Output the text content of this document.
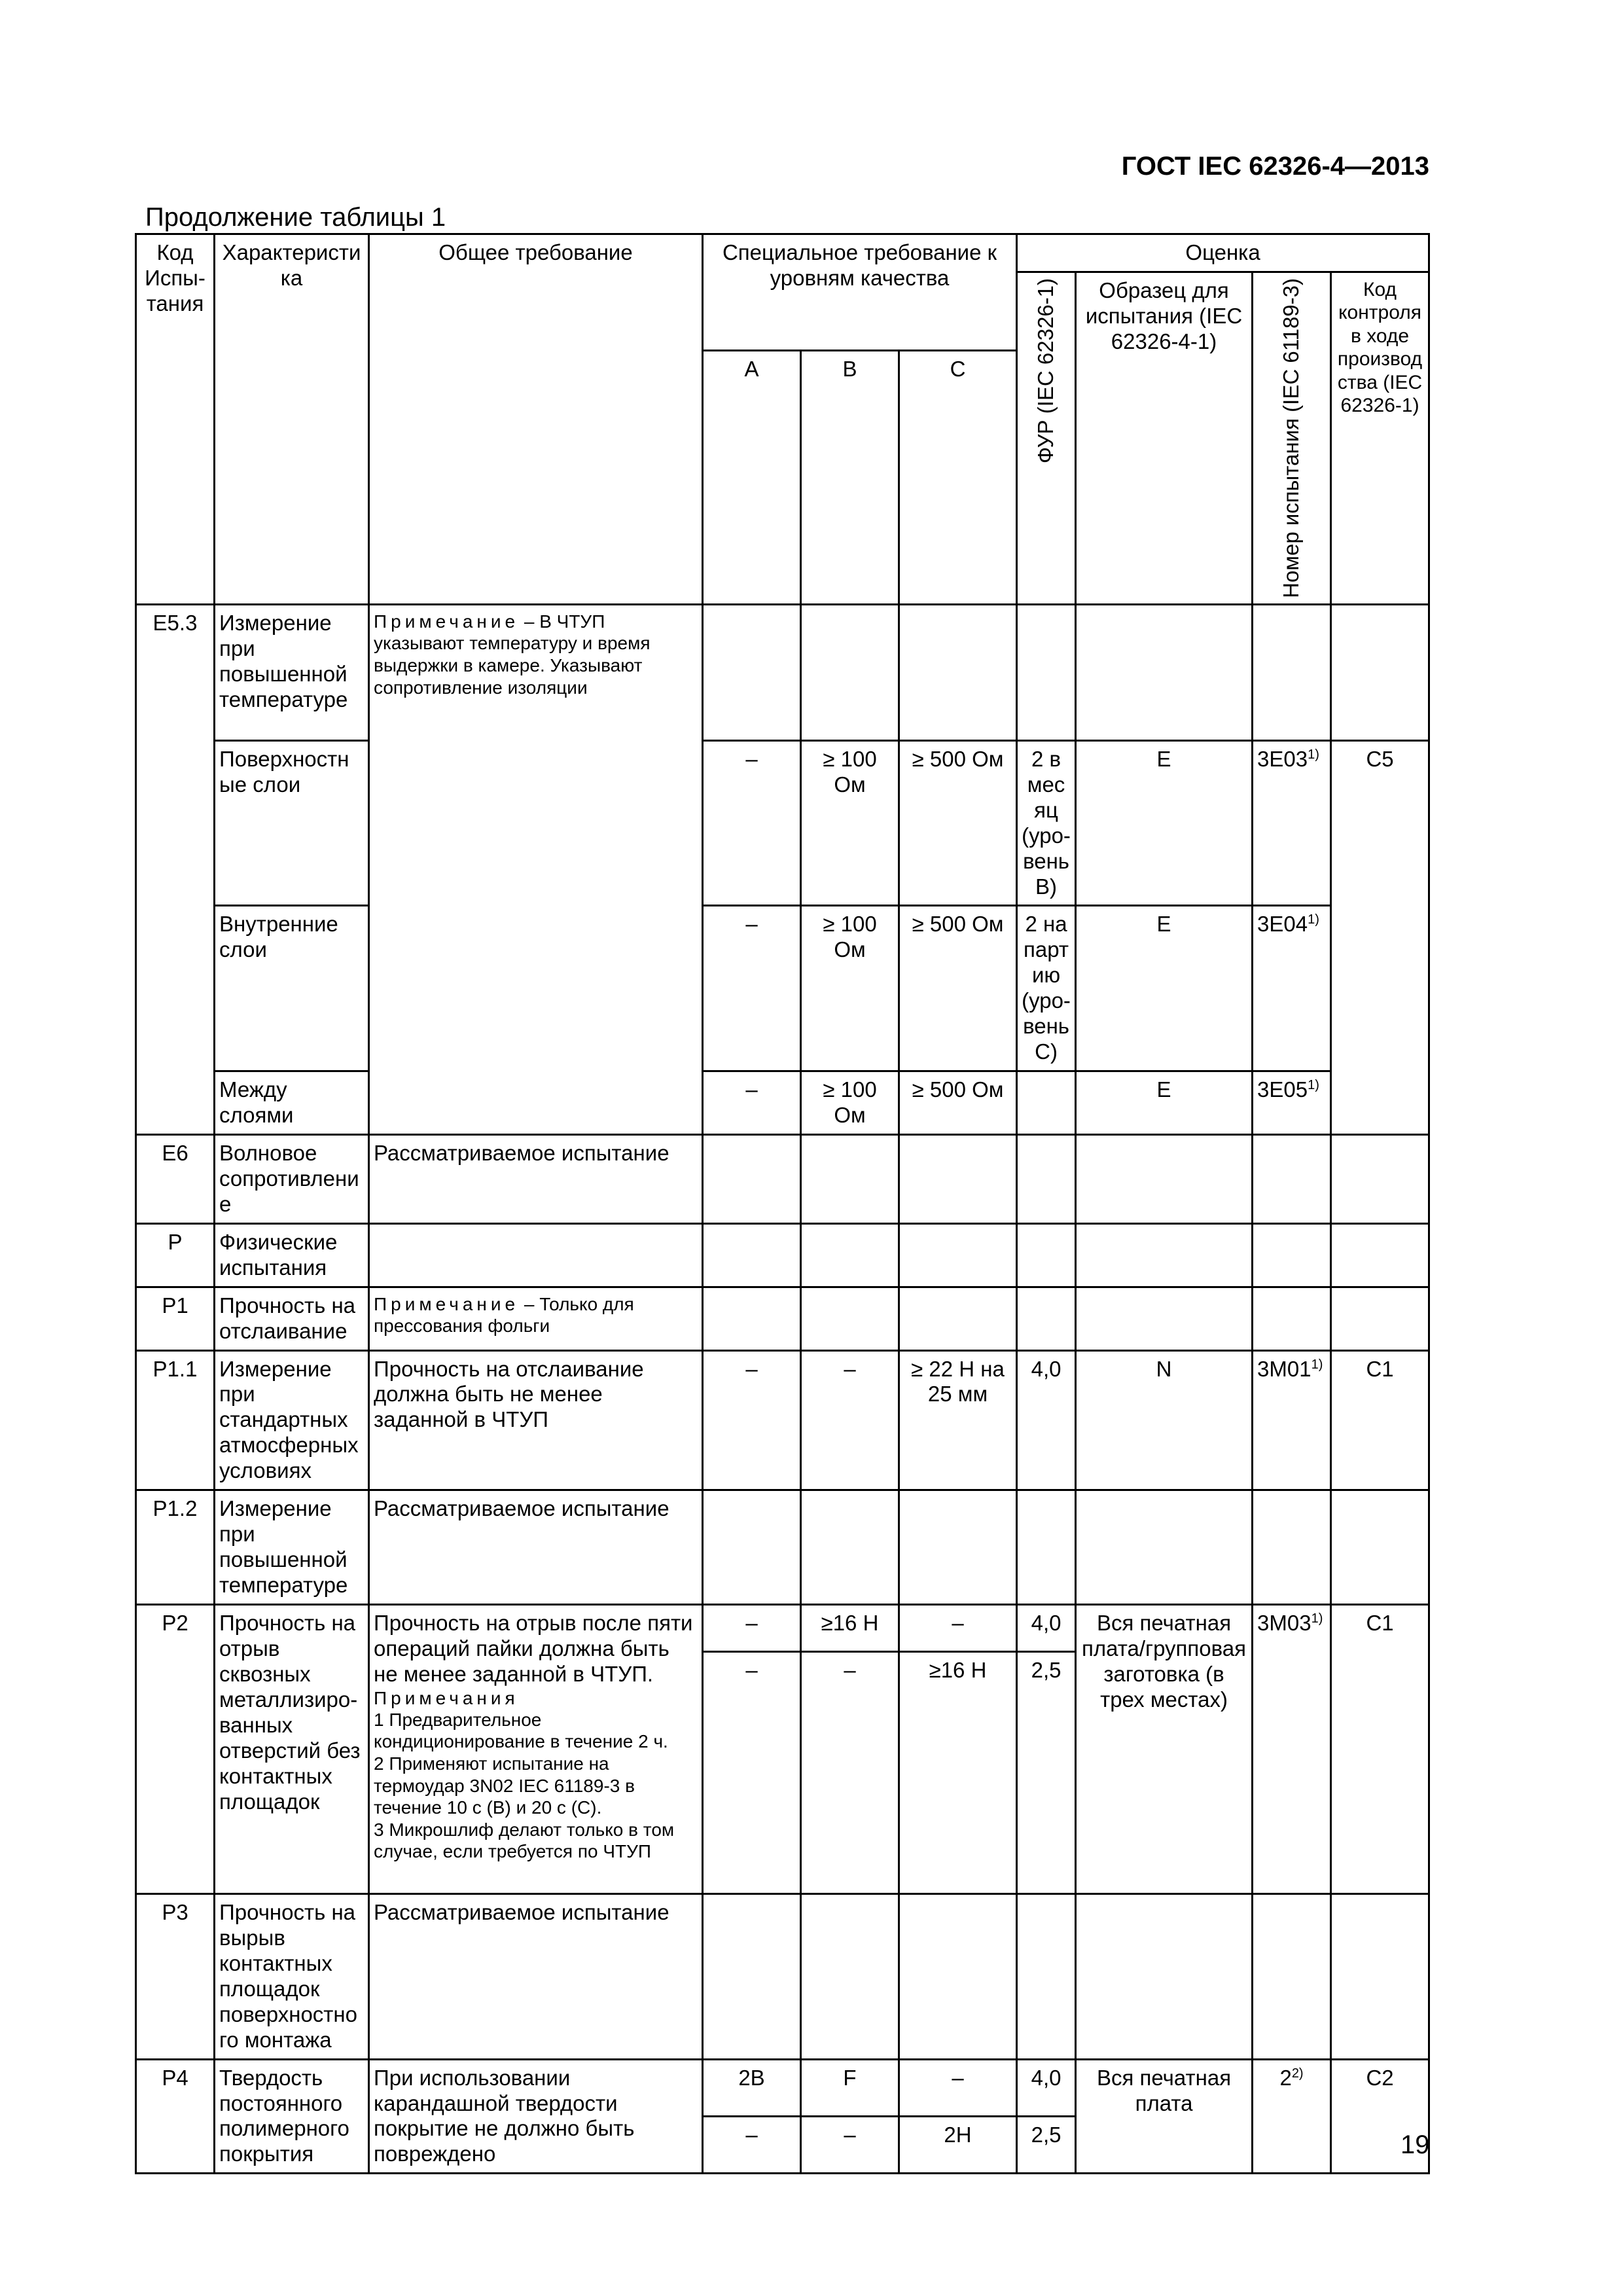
ГОСТ IEC 62326-4—2013
Продолжение таблицы 1
Код Испы-тания	Характеристика	Общее требование	Специальное требование к уровням качества			Оценка			

						ФУР (IEC 62326-1)	Образец для испытания (IEC 62326-4-1)	Номер испытания (IEC 61189-3)	Код контроля в ходе производства (IEC 62326-1)
			A	B	C				
E5.3	Измерение при повышенной температуре	Примечание – В ЧТУП указывают температуру и время выдержки в камере. Указывают сопротивление изоляции							
	Поверхностные слои		–	≥ 100 Ом	≥ 500 Ом	2 в месяц (уро-вень B)	E	3E03$^{1)}$	C5
	Внутренние слои		–	≥ 100 Ом	≥ 500 Ом	2 на партию (уро-вень C)	E	3E04$^{1)}$
	Между слоями		–	≥ 100 Ом	≥ 500 Ом		E	3E05$^{1)}$
E6	Волновое сопротивление	Рассматриваемое испытание							
P	Физические испытания								
P1	Прочность на отслаивание	Примечание – Только для прессования фольги							
P1.1	Измерение при стандартных атмосферных условиях	Прочность на отслаивание должна быть не менее заданной в ЧТУП	–	–	≥ 22 Н на 25 мм	4,0	N	3M01$^{1)}$	C1
P1.2	Измерение при повышенной температуре	Рассматриваемое испытание							
P2	Прочность на отрыв сквозных металлизиро-ванных отверстий без контактных площадок	Прочность на отрыв после пяти операций пайки должна быть не менее заданной в ЧТУП.
Примечания
1 Предварительное кондиционирование в течение 2 ч.
2 Применяют испытание на термоудар 3N02 IEC 61189-3 в течение 10 с (B) и 20 с (C).
3 Микрошлиф делают только в том случае, если требуется по ЧТУП	–	≥16 Н	–	4,0	Вся печатная плата/групповая заготовка (в трех местах)	3M03$^{1)}$	C1
			–	–	≥16 Н	2,5			
P3	Прочность на вырыв контактных площадок поверхностного монтажа	Рассматриваемое испытание							
P4	Твердость постоянного полимерного покрытия	При использовании карандашной твердости покрытие не должно быть повреждено	2B	F	–	4,0	Вся печатная плата	2$^{2)}$	C2
			–	–	2H	2,5				19
